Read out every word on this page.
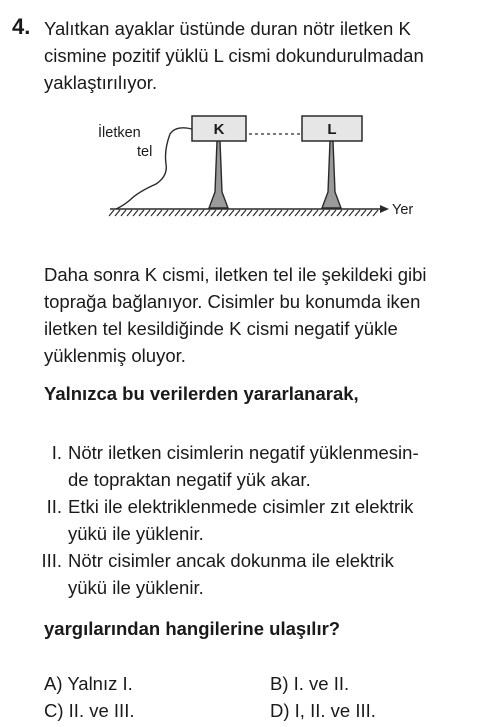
4. Yalıtkan ayaklar üstünde duran nötr iletken K
cismine pozitif yüklü L cismi dokundurulmadan
yaklaştırılıyor.
K	L
İletken
tel
Yer
Daha sonra K cismi, iletken tel ile şekildeki gibi
toprağa bağlanıyor. Cisimler bu konumda iken
iletken tel kesildiğinde K cismi negatif yükle
yüklenmiş oluyor.
Yalnızca bu verilerden yararlanarak,
I. Nötr iletken cisimlerin negatif yüklenmesin-
de topraktan negatif yük akar.
II. Etki ile elektriklenmede cisimler zıt elektrik
yükü ile yüklenir.
III. Nötr cisimler ancak dokunma ile elektrik
yükü ile yüklenir.
yargılarından hangilerine ulaşılır?
A) Yalnız I.	B) I. ve II.
C) II. ve III.	D) I, II. ve III.
